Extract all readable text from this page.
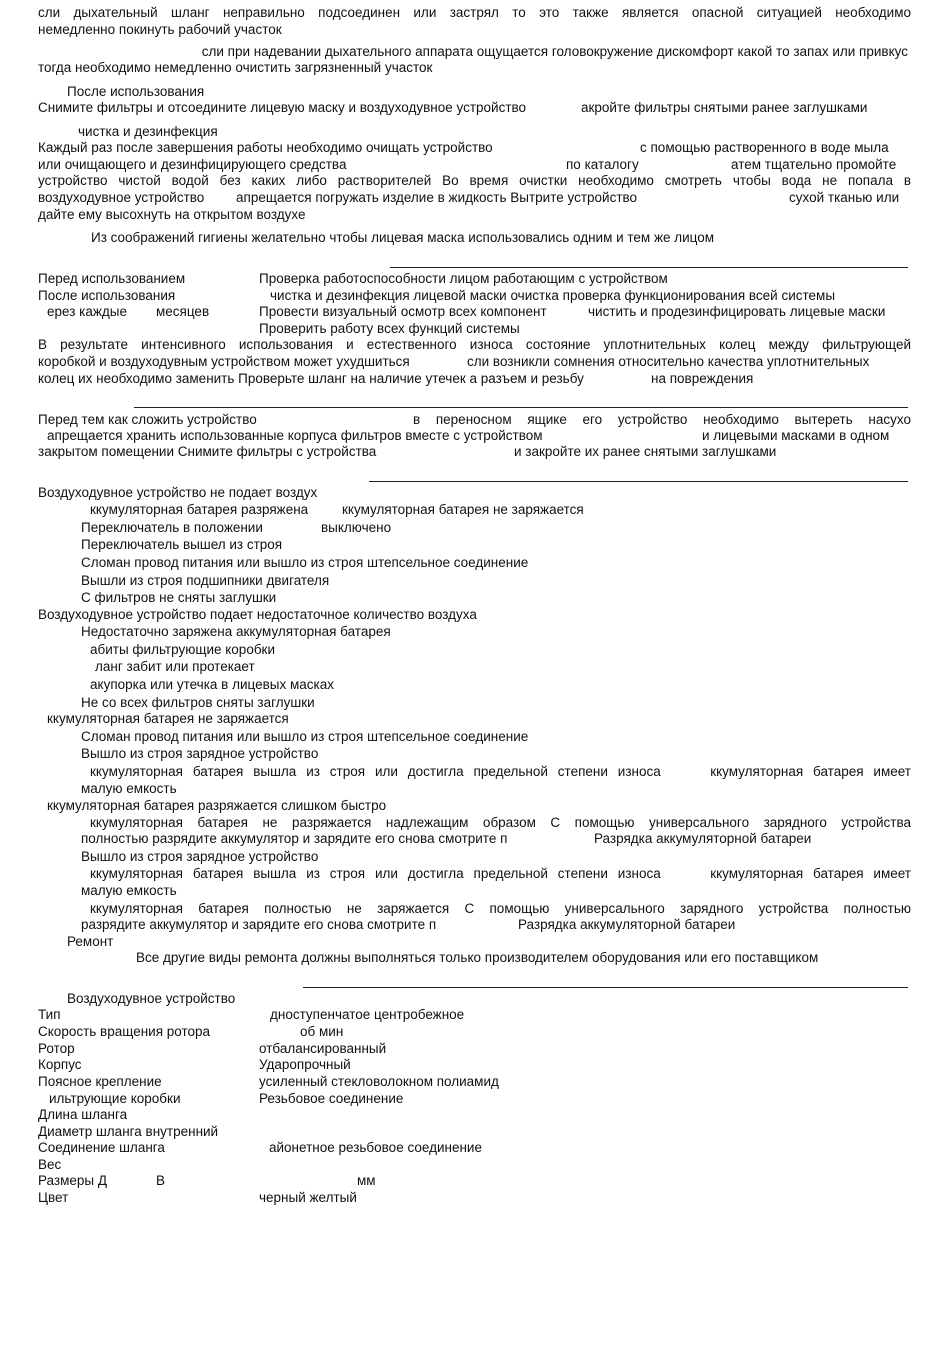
сли дыхательный шланг неправильно подсоединен или застрял то это также является опасной ситуацией необходимо
немедленно покинуть рабочий участок
сли при надевании дыхательного аппарата ощущается головокружение дискомфорт какой то запах или привкус
тогда необходимо немедленно очистить загрязненный участок
После использования
Снимите фильтры и отсоедините лицевую маску и воздуходувное устройство	акройте фильтры снятыми ранее заглушками
чистка и дезинфекция
Каждый раз после завершения работы необходимо очищать устройство	с помощью растворенного в воде мыла
или очищающего и дезинфицирующего средства	по каталогу	атем тщательно промойте
устройство чистой водой без каких либо растворителей Во время очистки необходимо смотреть чтобы вода не попала в
воздуходувное устройство апрещается погружать изделие в жидкость Вытрите устройство	сухой тканью или
дайте ему высохнуть на открытом воздухе
Из соображений гигиены желательно чтобы лицевая маска использовались одним и тем же лицом
Перед использованием	Проверка работоспособности лицом работающим с устройством
После использования	чистка и дезинфекция лицевой маски очистка проверка функционирования всей системы
ерез каждые месяцев	Провести визуальный осмотр всех компонент	чистить и продезинфицировать лицевые маски
Проверить работу всех функций системы
В результате интенсивного использования и естественного износа состояние уплотнительных колец между фильтрующей
коробкой и воздуходувным устройством может ухудшиться	сли возникли сомнения относительно качества уплотнительных
колец их необходимо заменить Проверьте шланг на наличие утечек а разъем и резьбу	на повреждения
Перед тем как сложить устройство	в переносном ящике его устройство необходимо вытереть насухо
апрещается хранить использованные корпуса фильтров вместе с устройством	и лицевыми масками в одном
закрытом помещении Снимите фильтры с устройства	и закройте их ранее снятыми заглушками
Воздуходувное устройство не подает воздух
ккумуляторная батарея разряжена	ккумуляторная батарея не заряжается
Переключатель в положении	выключено
Переключатель вышел из строя
Сломан провод питания или вышло из строя штепсельное соединение
Вышли из строя подшипники двигателя
С фильтров не сняты заглушки
Воздуходувное устройство подает недостаточное количество воздуха
Недостаточно заряжена аккумуляторная батарея
абиты фильтрующие коробки
ланг забит или протекает
акупорка или утечка в лицевых масках
Не со всех фильтров сняты заглушки
ккумуляторная батарея не заряжается
Сломан провод питания или вышло из строя штепсельное соединение
Вышло из строя зарядное устройство
ккумуляторная батарея вышла из строя или достигла предельной степени износа	ккумуляторная батарея имеет
малую емкость
ккумуляторная батарея разряжается слишком быстро
ккумуляторная батарея не разряжается надлежащим образом С помощью универсального зарядного устройства
полностью разрядите аккумулятор и зарядите его снова смотрите п	Разрядка аккумуляторной батареи
Вышло из строя зарядное устройство
ккумуляторная батарея вышла из строя или достигла предельной степени износа	ккумуляторная батарея имеет
малую емкость
ккумуляторная батарея полностью не заряжается С помощью универсального зарядного устройства полностью
разрядите аккумулятор и зарядите его снова смотрите п	Разрядка аккумуляторной батареи
Ремонт
Все другие виды ремонта должны выполняться только производителем оборудования или его поставщиком
Воздуходувное устройство
Тип	дноступенчатое центробежное
Скорость вращения ротора	об мин
Ротор	отбалансированный
Корпус	Ударопрочный
Поясное крепление	усиленный стекловолокном полиамид
ильтрующие коробки	Резьбовое соединение
Длина шланга
Диаметр шланга внутренний
Соединение шланга	айонетное резьбовое соединение
Вес
Размеры Д	В	мм
Цвет	черный желтый
